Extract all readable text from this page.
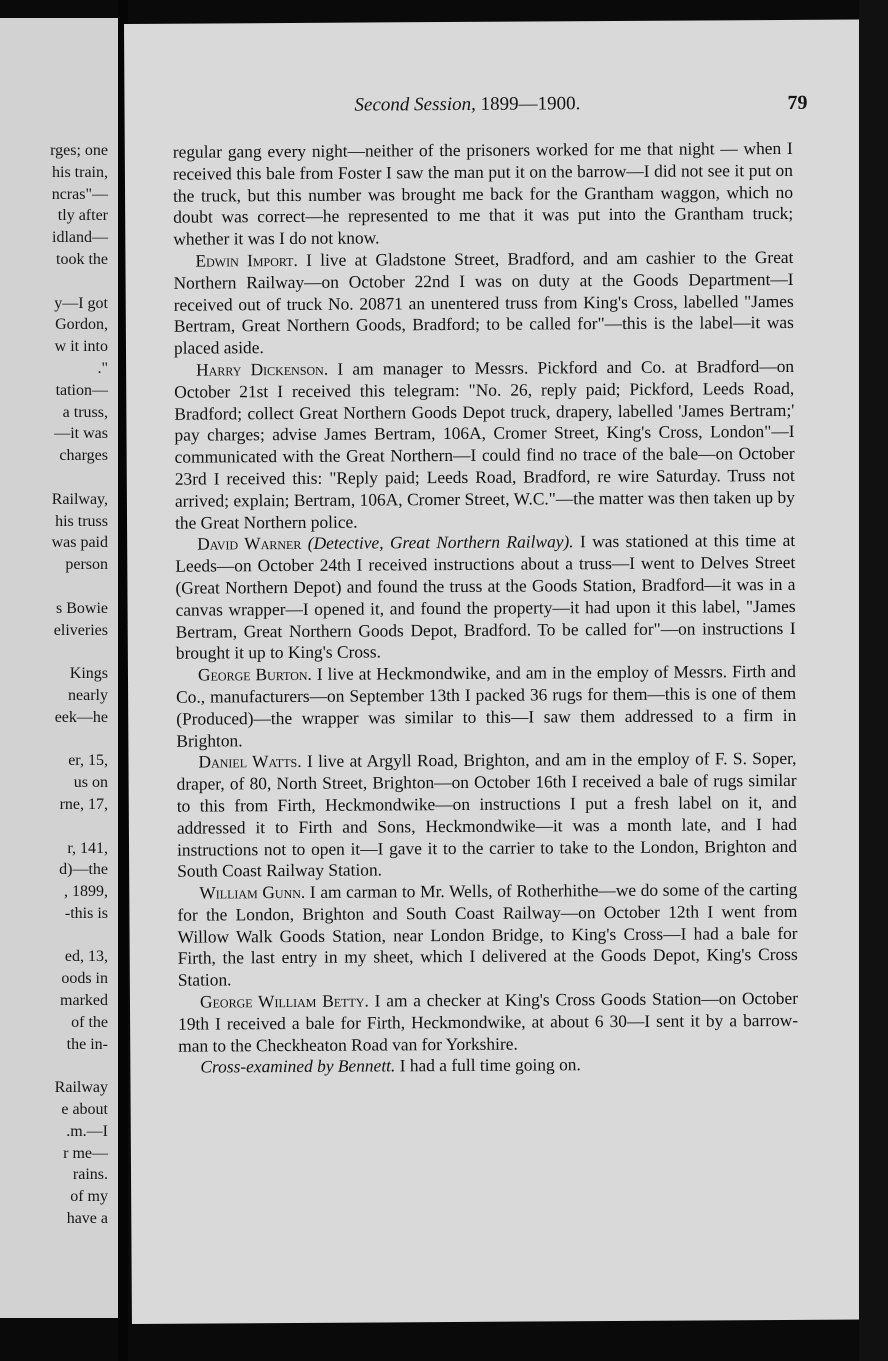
rges; one
his train,
ncras"—
tly after
idland—
took the
y—I got
Gordon,
w it into
."
tation—
a truss,
—it was
charges
Railway,
his truss
was paid
person
s Bowie
eliveries
Kings
nearly
eek—he
er, 15,
us on
rne, 17,
r, 141,
d)—the
, 1899,
-this is
ed, 13,
oods in
marked
of the
the in-
Railway
e about
.m.—I
r me—
rains.
of my
have a
Second Session, 1899—1900.	79

regular gang every night—neither of the prisoners worked for me that night — when I received this bale from Foster I saw the man put it on the barrow—I did not see it put on the truck, but this number was brought me back for the Grantham waggon, which no doubt was correct—he represented to me that it was put into the Grantham truck; whether it was I do not know.

Edwin Import. I live at Gladstone Street, Bradford, and am cashier to the Great Northern Railway—on October 22nd I was on duty at the Goods Department—I received out of truck No. 20871 an unentered truss from King's Cross, labelled "James Bertram, Great Northern Goods, Bradford; to be called for"—this is the label—it was placed aside.

Harry Dickenson. I am manager to Messrs. Pickford and Co. at Bradford—on October 21st I received this telegram: "No. 26, reply paid; Pickford, Leeds Road, Bradford; collect Great Northern Goods Depot truck, drapery, labelled 'James Bertram;' pay charges; advise James Bertram, 106A, Cromer Street, King's Cross, London"—I communicated with the Great Northern—I could find no trace of the bale—on October 23rd I received this: "Reply paid; Leeds Road, Bradford, re wire Saturday. Truss not arrived; explain; Bertram, 106A, Cromer Street, W.C."—the matter was then taken up by the Great Northern police.

David Warner (Detective, Great Northern Railway). I was stationed at this time at Leeds—on October 24th I received instructions about a truss—I went to Delves Street (Great Northern Depot) and found the truss at the Goods Station, Bradford—it was in a canvas wrapper—I opened it, and found the property—it had upon it this label, "James Bertram, Great Northern Goods Depot, Bradford. To be called for"—on instructions I brought it up to King's Cross.

George Burton. I live at Heckmondwike, and am in the employ of Messrs. Firth and Co., manufacturers—on September 13th I packed 36 rugs for them—this is one of them (Produced)—the wrapper was similar to this—I saw them addressed to a firm in Brighton.

Daniel Watts. I live at Argyll Road, Brighton, and am in the employ of F. S. Soper, draper, of 80, North Street, Brighton—on October 16th I received a bale of rugs similar to this from Firth, Heckmondwike—on instructions I put a fresh label on it, and addressed it to Firth and Sons, Heckmondwike—it was a month late, and I had instructions not to open it—I gave it to the carrier to take to the London, Brighton and South Coast Railway Station.

William Gunn. I am carman to Mr. Wells, of Rotherhithe—we do some of the carting for the London, Brighton and South Coast Railway—on October 12th I went from Willow Walk Goods Station, near London Bridge, to King's Cross—I had a bale for Firth, the last entry in my sheet, which I delivered at the Goods Depot, King's Cross Station.

George William Betty. I am a checker at King's Cross Goods Station—on October 19th I received a bale for Firth, Heckmondwike, at about 6 30—I sent it by a barrow-man to the Checkheaton Road van for Yorkshire.

Cross-examined by Bennett. I had a full time going on.
